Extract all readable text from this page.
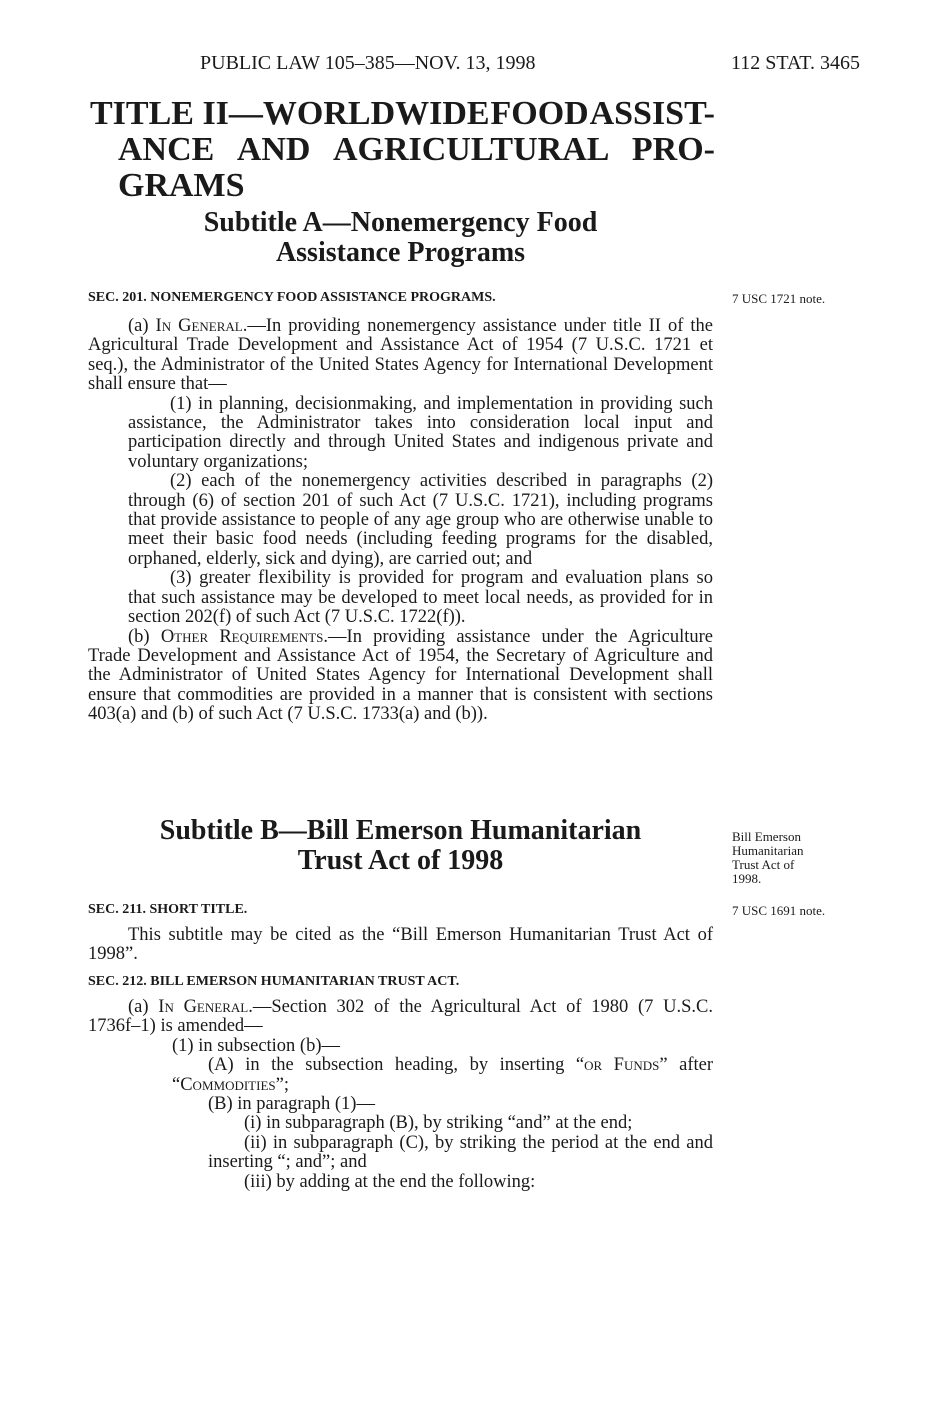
PUBLIC LAW 105–385—NOV. 13, 1998	112 STAT. 3465
TITLE II—WORLDWIDE FOOD ASSIST-
ANCE AND AGRICULTURAL PRO-
GRAMS
Subtitle A—Nonemergency Food
Assistance Programs
SEC. 201. NONEMERGENCY FOOD ASSISTANCE PROGRAMS.	7 USC 1721 note.

(a) In General.—In providing nonemergency assistance under title II of the Agricultural Trade Development and Assistance Act of 1954 (7 U.S.C. 1721 et seq.), the Administrator of the United States Agency for International Development shall ensure that—

(1) in planning, decisionmaking, and implementation in providing such assistance, the Administrator takes into consideration local input and participation directly and through United States and indigenous private and voluntary organizations;

(2) each of the nonemergency activities described in paragraphs (2) through (6) of section 201 of such Act (7 U.S.C. 1721), including programs that provide assistance to people of any age group who are otherwise unable to meet their basic food needs (including feeding programs for the disabled, orphaned, elderly, sick and dying), are carried out; and

(3) greater flexibility is provided for program and evaluation plans so that such assistance may be developed to meet local needs, as provided for in section 202(f) of such Act (7 U.S.C. 1722(f)).

(b) Other Requirements.—In providing assistance under the Agriculture Trade Development and Assistance Act of 1954, the Secretary of Agriculture and the Administrator of United States Agency for International Development shall ensure that commodities are provided in a manner that is consistent with sections 403(a) and (b) of such Act (7 U.S.C. 1733(a) and (b)).

Subtitle B—Bill Emerson Humanitarian
Trust Act of 1998
Bill Emerson
Humanitarian
Trust Act of
1998.
SEC. 211. SHORT TITLE.	7 USC 1691 note.

This subtitle may be cited as the “Bill Emerson Humanitarian Trust Act of 1998”.

SEC. 212. BILL EMERSON HUMANITARIAN TRUST ACT.

(a) In General.—Section 302 of the Agricultural Act of 1980 (7 U.S.C. 1736f–1) is amended—

(1) in subsection (b)—

(A) in the subsection heading, by inserting “or Funds” after “Commodities”;

(B) in paragraph (1)—

(i) in subparagraph (B), by striking “and” at the end;

(ii) in subparagraph (C), by striking the period at the end and inserting “; and”; and

(iii) by adding at the end the following:
